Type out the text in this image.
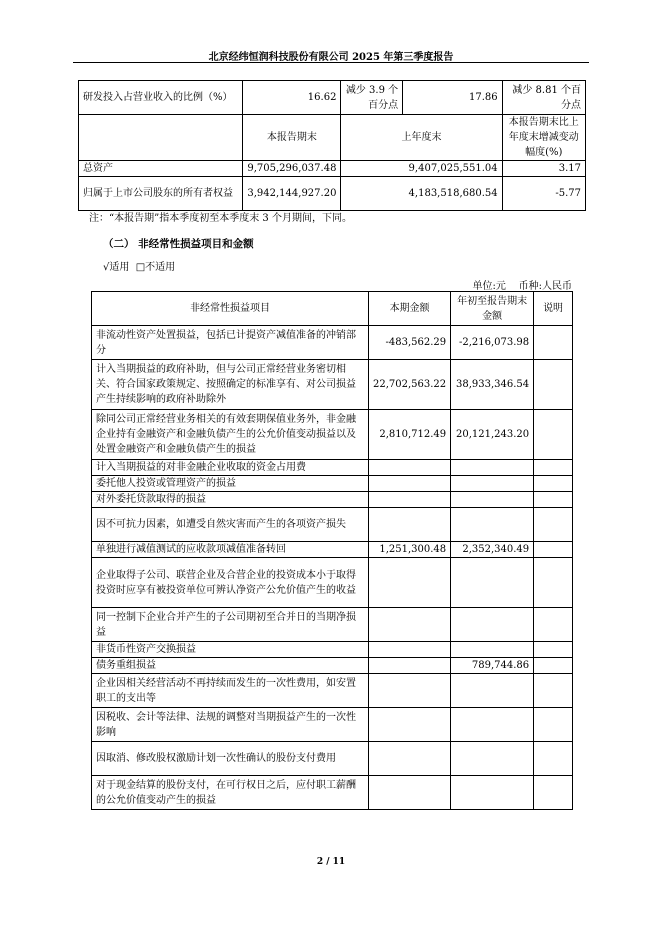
北京经纬恒润科技股份有限公司 2025 年第三季度报告
研发投入占营业收入的比例（%）	16.62	减少 3.9 个百分点	17.86	减少 8.81 个百分点
	本报告期末	上年度末		本报告期末比上年度末增减变动幅度(%)
总资产	9,705,296,037.48	9,407,025,551.04		3.17
归属于上市公司股东的所有者权益	3,942,144,927.20	4,183,518,680.54		-5.77
注：“本报告期”指本季度初至本季度末 3 个月期间，下同。
（二） 非经常性损益项目和金额
√适用 □不适用
单位:元 币种:人民币
非经常性损益项目	本期金额	年初至报告期末金额	说明
非流动性资产处置损益，包括已计提资产减值准备的冲销部分	-483,562.29	-2,216,073.98	
计入当期损益的政府补助，但与公司正常经营业务密切相关、符合国家政策规定、按照确定的标准享有、对公司损益产生持续影响的政府补助除外	22,702,563.22	38,933,346.54	
除同公司正常经营业务相关的有效套期保值业务外，非金融企业持有金融资产和金融负债产生的公允价值变动损益以及处置金融资产和金融负债产生的损益	2,810,712.49	20,121,243.20	
计入当期损益的对非金融企业收取的资金占用费			
委托他人投资或管理资产的损益			
对外委托贷款取得的损益			
因不可抗力因素，如遭受自然灾害而产生的各项资产损失			
单独进行减值测试的应收款项减值准备转回	1,251,300.48	2,352,340.49	
企业取得子公司、联营企业及合营企业的投资成本小于取得投资时应享有被投资单位可辨认净资产公允价值产生的收益			
同一控制下企业合并产生的子公司期初至合并日的当期净损益			
非货币性资产交换损益			
债务重组损益		789,744.86	
企业因相关经营活动不再持续而发生的一次性费用，如安置职工的支出等			
因税收、会计等法律、法规的调整对当期损益产生的一次性影响			
因取消、修改股权激励计划一次性确认的股份支付费用			
对于现金结算的股份支付，在可行权日之后，应付职工薪酬的公允价值变动产生的损益			
2 / 11
